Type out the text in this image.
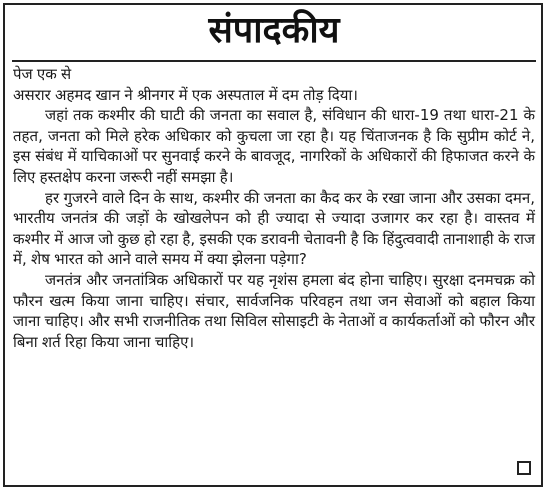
संपादकीय

पेज एक से

असरार अहमद खान ने श्रीनगर में एक अस्पताल में दम तोड़ दिया।

जहां तक कश्मीर की घाटी की जनता का सवाल है, संविधान की धारा-19 तथा धारा-21 के तहत, जनता को मिले हरेक अधिकार को कुचला जा रहा है। यह चिंताजनक है कि सुप्रीम कोर्ट ने, इस संबंध में याचिकाओं पर सुनवाई करने के बावजूद, नागरिकों के अधिकारों की हिफाजत करने के लिए हस्तक्षेप करना जरूरी नहीं समझा है।

हर गुजरने वाले दिन के साथ, कश्मीर की जनता का कैद कर के रखा जाना और उसका दमन, भारतीय जनतंत्र की जड़ों के खोखलेपन को ही ज्यादा से ज्यादा उजागर कर रहा है। वास्तव में कश्मीर में आज जो कुछ हो रहा है, इसकी एक डरावनी चेतावनी है कि हिंदुत्ववादी तानाशाही के राज में, शेष भारत को आने वाले समय में क्या झेलना पड़ेगा?

जनतंत्र और जनतांत्रिक अधिकारों पर यह नृशंस हमला बंद होना चाहिए। सुरक्षा दनमचक्र को फौरन खत्म किया जाना चाहिए। संचार, सार्वजनिक परिवहन तथा जन सेवाओं को बहाल किया जाना चाहिए। और सभी राजनीतिक तथा सिविल सोसाइटी के नेताओं व कार्यकर्ताओं को फौरन और बिना शर्त रिहा किया जाना चाहिए।
